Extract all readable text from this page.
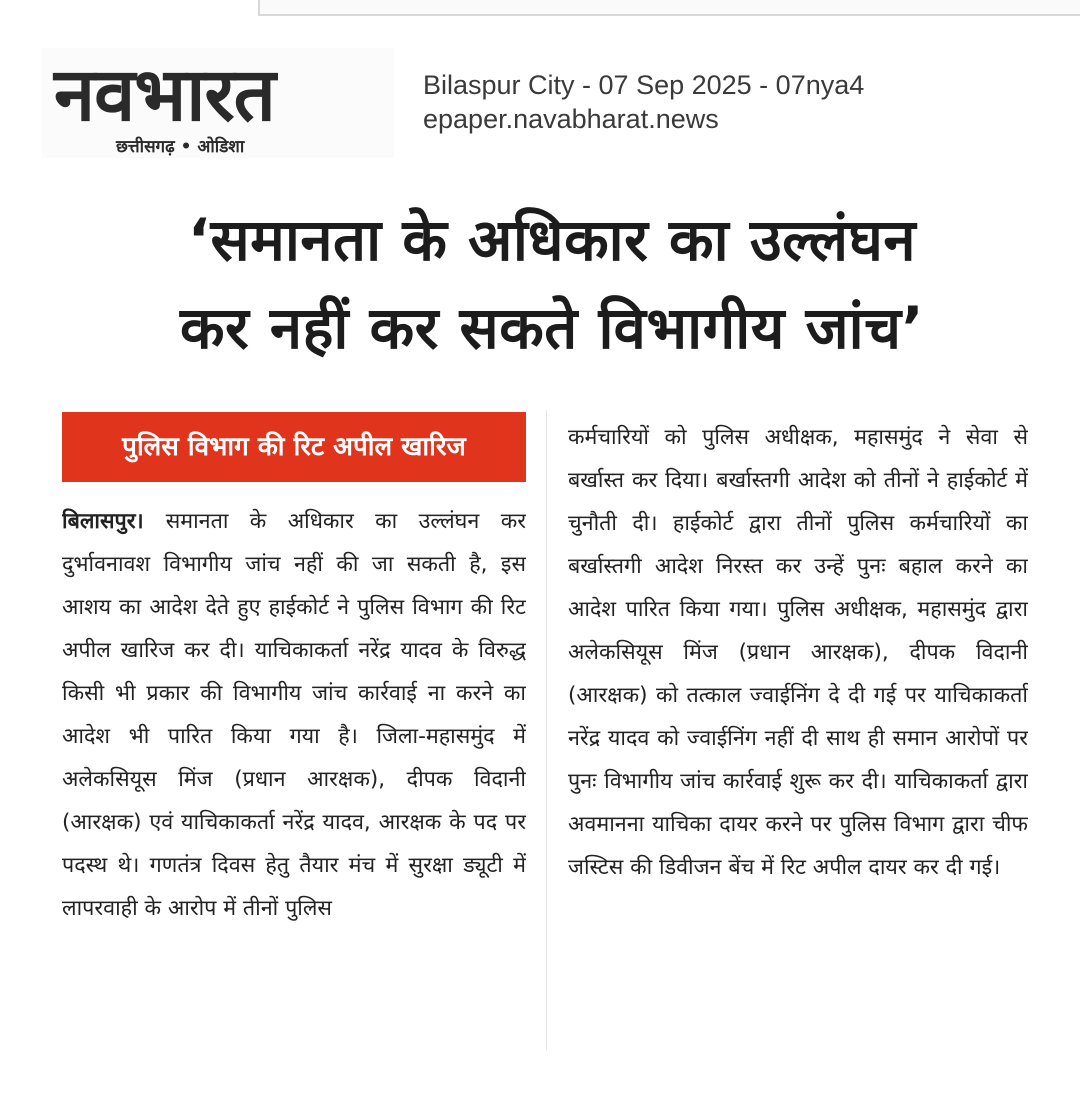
नवभारत
छत्तीसगढ़ • ओडिशा
Bilaspur City - 07 Sep 2025 - 07nya4
epaper.navabharat.news
‘समानता के अधिकार का उल्लंघन
कर नहीं कर सकते विभागीय जांच’
पुलिस विभाग की रिट अपील खारिज
बिलासपुर। समानता के अधिकार का उल्लंघन कर दुर्भावनावश विभागीय जांच नहीं की जा सकती है, इस आशय का आदेश देते हुए हाईकोर्ट ने पुलिस विभाग की रिट अपील खारिज कर दी। याचिकाकर्ता नरेंद्र यादव के विरुद्ध किसी भी प्रकार की विभागीय जांच कार्रवाई ना करने का आदेश भी पारित किया गया है। जिला-महासमुंद में अलेकसियूस मिंज (प्रधान आरक्षक), दीपक विदानी (आरक्षक) एवं याचिकाकर्ता नरेंद्र यादव, आरक्षक के पद पर पदस्थ थे। गणतंत्र दिवस हेतु तैयार मंच में सुरक्षा ड्यूटी में लापरवाही के आरोप में तीनों पुलिस
कर्मचारियों को पुलिस अधीक्षक, महासमुंद ने सेवा से बर्खास्त कर दिया। बर्खास्तगी आदेश को तीनों ने हाईकोर्ट में चुनौती दी। हाईकोर्ट द्वारा तीनों पुलिस कर्मचारियों का बर्खास्तगी आदेश निरस्त कर उन्हें पुनः बहाल करने का आदेश पारित किया गया। पुलिस अधीक्षक, महासमुंद द्वारा अलेकसियूस मिंज (प्रधान आरक्षक), दीपक विदानी (आरक्षक) को तत्काल ज्वाईनिंग दे दी गई पर याचिकाकर्ता नरेंद्र यादव को ज्वाईनिंग नहीं दी साथ ही समान आरोपों पर पुनः विभागीय जांच कार्रवाई शुरू कर दी। याचिकाकर्ता द्वारा अवमानना याचिका दायर करने पर पुलिस विभाग द्वारा चीफ जस्टिस की डिवीजन बेंच में रिट अपील दायर कर दी गई।
